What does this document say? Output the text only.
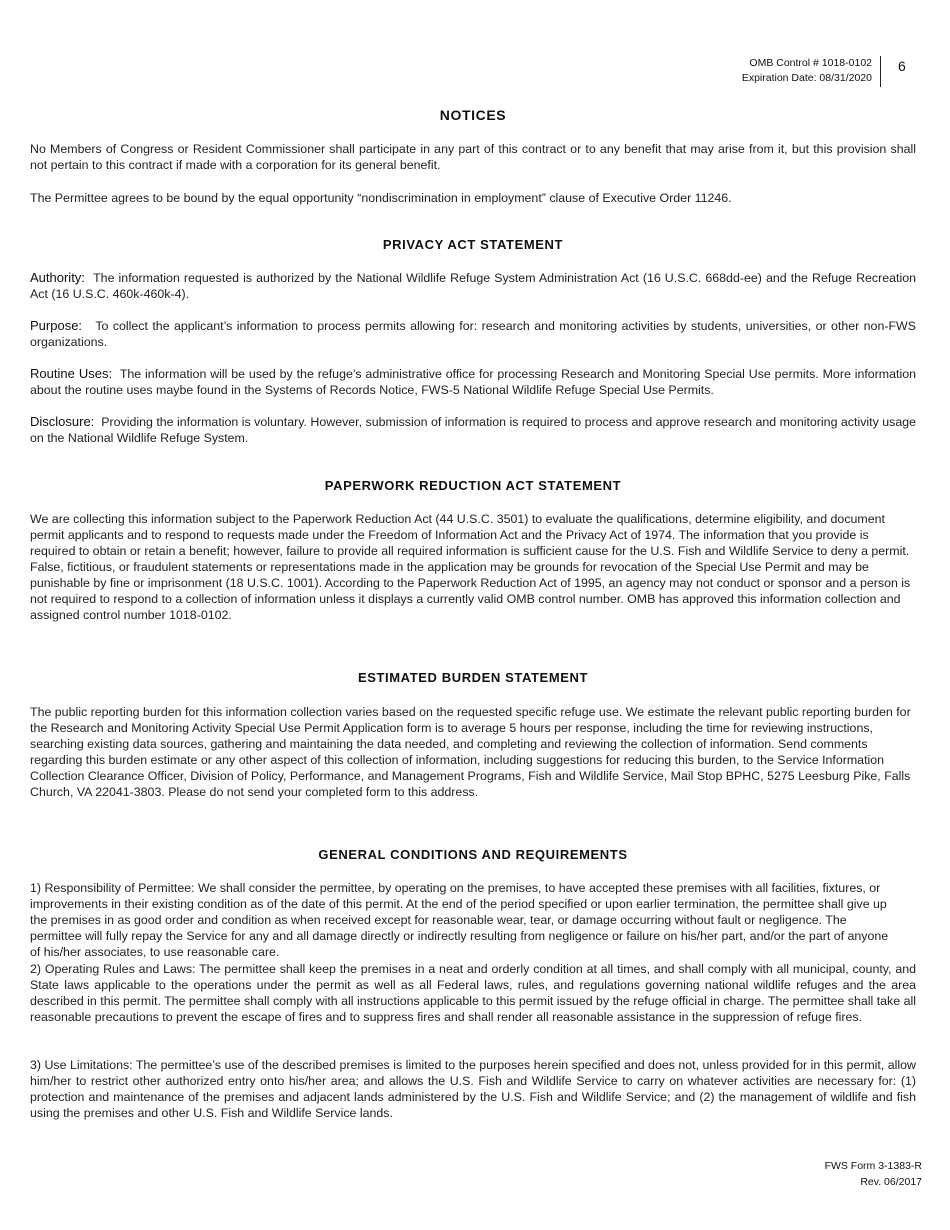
OMB Control # 1018-0102
Expiration Date: 08/31/2020
6
NOTICES

No Members of Congress or Resident Commissioner shall participate in any part of this contract or to any benefit that may arise from it, but this provision shall not pertain to this contract if made with a corporation for its general benefit.

The Permittee agrees to be bound by the equal opportunity “nondiscrimination in employment” clause of Executive Order 11246.

PRIVACY ACT STATEMENT

Authority: The information requested is authorized by the National Wildlife Refuge System Administration Act (16 U.S.C. 668dd-ee) and the Refuge Recreation Act (16 U.S.C. 460k-460k-4).

Purpose: To collect the applicant’s information to process permits allowing for: research and monitoring activities by students, universities, or other non-FWS organizations.

Routine Uses: The information will be used by the refuge’s administrative office for processing Research and Monitoring Special Use permits. More information about the routine uses maybe found in the Systems of Records Notice, FWS-5 National Wildlife Refuge Special Use Permits.

Disclosure: Providing the information is voluntary. However, submission of information is required to process and approve research and monitoring activity usage on the National Wildlife Refuge System.

PAPERWORK REDUCTION ACT STATEMENT

We are collecting this information subject to the Paperwork Reduction Act (44 U.S.C. 3501) to evaluate the qualifications, determine eligibility, and document permit applicants and to respond to requests made under the Freedom of Information Act and the Privacy Act of 1974. The information that you provide is required to obtain or retain a benefit; however, failure to provide all required information is sufficient cause for the U.S. Fish and Wildlife Service to deny a permit. False, fictitious, or fraudulent statements or representations made in the application may be grounds for revocation of the Special Use Permit and may be punishable by fine or imprisonment (18 U.S.C. 1001). According to the Paperwork Reduction Act of 1995, an agency may not conduct or sponsor and a person is not required to respond to a collection of information unless it displays a currently valid OMB control number. OMB has approved this information collection and assigned control number 1018-0102.

ESTIMATED BURDEN STATEMENT

The public reporting burden for this information collection varies based on the requested specific refuge use. We estimate the relevant public reporting burden for the Research and Monitoring Activity Special Use Permit Application form is to average 5 hours per response, including the time for reviewing instructions, searching existing data sources, gathering and maintaining the data needed, and completing and reviewing the collection of information. Send comments regarding this burden estimate or any other aspect of this collection of information, including suggestions for reducing this burden, to the Service Information Collection Clearance Officer, Division of Policy, Performance, and Management Programs, Fish and Wildlife Service, Mail Stop BPHC, 5275 Leesburg Pike, Falls Church, VA 22041-3803. Please do not send your completed form to this address.

GENERAL CONDITIONS AND REQUIREMENTS

1) Responsibility of Permittee: We shall consider the permittee, by operating on the premises, to have accepted these premises with all facilities, fixtures, or improvements in their existing condition as of the date of this permit. At the end of the period specified or upon earlier termination, the permittee shall give up the premises in as good order and condition as when received except for reasonable wear, tear, or damage occurring without fault or negligence. The permittee will fully repay the Service for any and all damage directly or indirectly resulting from negligence or failure on his/her part, and/or the part of anyone of his/her associates, to use reasonable care.

2) Operating Rules and Laws: The permittee shall keep the premises in a neat and orderly condition at all times, and shall comply with all municipal, county, and State laws applicable to the operations under the permit as well as all Federal laws, rules, and regulations governing national wildlife refuges and the area described in this permit. The permittee shall comply with all instructions applicable to this permit issued by the refuge official in charge. The permittee shall take all reasonable precautions to prevent the escape of fires and to suppress fires and shall render all reasonable assistance in the suppression of refuge fires.

3) Use Limitations: The permittee’s use of the described premises is limited to the purposes herein specified and does not, unless provided for in this permit, allow him/her to restrict other authorized entry onto his/her area; and allows the U.S. Fish and Wildlife Service to carry on whatever activities are necessary for: (1) protection and maintenance of the premises and adjacent lands administered by the U.S. Fish and Wildlife Service; and (2) the management of wildlife and fish using the premises and other U.S. Fish and Wildlife Service lands.

FWS Form 3-1383-R
Rev. 06/2017
